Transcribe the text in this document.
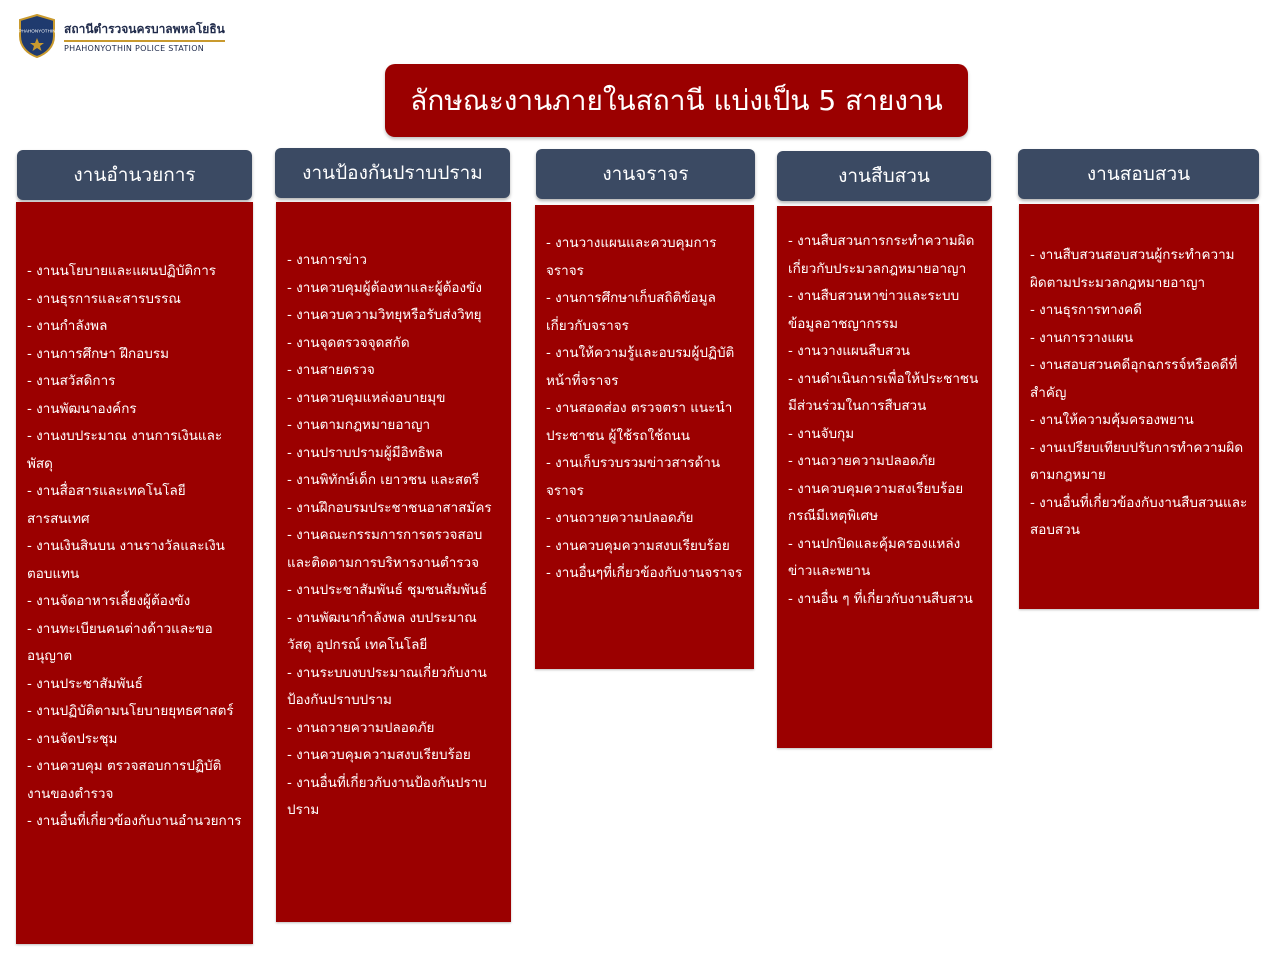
PHAHONYOTHIN สถานีตำรวจนครบาลพหลโยธิน
PHAHONYOTHIN POLICE STATION
ลักษณะงานภายในสถานี แบ่งเป็น 5 สายงาน
งานอำนวยการ
- งานนโยบายและแผนปฏิบัติการ
- งานธุรการและสารบรรณ
- งานกำลังพล
- งานการศึกษา ฝึกอบรม
- งานสวัสดิการ
- งานพัฒนาองค์กร
- งานงบประมาณ งานการเงินและพัสดุ
- งานสื่อสารและเทคโนโลยีสารสนเทศ
- งานเงินสินบน งานรางวัลและเงินตอบแทน
- งานจัดอาหารเลี้ยงผู้ต้องขัง
- งานทะเบียนคนต่างด้าวและขออนุญาต
- งานประชาสัมพันธ์
- งานปฏิบัติตามนโยบายยุทธศาสตร์
- งานจัดประชุม
- งานควบคุม ตรวจสอบการปฏิบัติงานของตำรวจ
- งานอื่นที่เกี่ยวข้องกับงานอำนวยการ
งานป้องกันปราบปราม
- งานการข่าว
- งานควบคุมผู้ต้องหาและผู้ต้องขัง
- งานควบความวิทยุหรือรับส่งวิทยุ
- งานจุดตรวจจุดสกัด
- งานสายตรวจ
- งานควบคุมแหล่งอบายมุข
- งานตามกฎหมายอาญา
- งานปราบปรามผู้มีอิทธิพล
- งานพิทักษ์เด็ก เยาวชน และสตรี
- งานฝึกอบรมประชาชนอาสาสมัคร
- งานคณะกรรมการการตรวจสอบและติดตามการบริหารงานตำรวจ
- งานประชาสัมพันธ์ ชุมชนสัมพันธ์
- งานพัฒนากำลังพล งบประมาณ วัสดุ อุปกรณ์ เทคโนโลยี
- งานระบบงบประมาณเกี่ยวกับงานป้องกันปราบปราม
- งานถวายความปลอดภัย
- งานควบคุมความสงบเรียบร้อย
- งานอื่นที่เกี่ยวกับงานป้องกันปราบปราม
งานจราจร
- งานวางแผนและควบคุมการจราจร
- งานการศึกษาเก็บสถิติข้อมูลเกี่ยวกับจราจร
- งานให้ความรู้และอบรมผู้ปฏิบัติหน้าที่จราจร
- งานสอดส่อง ตรวจตรา แนะนำประชาชน ผู้ใช้รถใช้ถนน
- งานเก็บรวบรวมข่าวสารด้านจราจร
- งานถวายความปลอดภัย
- งานควบคุมความสงบเรียบร้อย
- งานอื่นๆที่เกี่ยวข้องกับงานจราจร
งานสืบสวน
- งานสืบสวนการกระทำความผิดเกี่ยวกับประมวลกฎหมายอาญา
- งานสืบสวนหาข่าวและระบบข้อมูลอาชญากรรม
- งานวางแผนสืบสวน
- งานดำเนินการเพื่อให้ประชาชนมีส่วนร่วมในการสืบสวน
- งานจับกุม
- งานถวายความปลอดภัย
- งานควบคุมความสงเรียบร้อยกรณีมีเหตุพิเศษ
- งานปกปิดและคุ้มครองแหล่งข่าวและพยาน
- งานอื่น ๆ ที่เกี่ยวกับงานสืบสวน
งานสอบสวน
- งานสืบสวนสอบสวนผู้กระทำความผิดตามประมวลกฎหมายอาญา
- งานธุรการทางคดี
- งานการวางแผน
- งานสอบสวนคดีอุกฉกรรจ์หรือคดีที่สำคัญ
- งานให้ความคุ้มครองพยาน
- งานเปรียบเทียบปรับการทำความผิดตามกฎหมาย
- งานอื่นที่เกี่ยวข้องกับงานสืบสวนและสอบสวน
